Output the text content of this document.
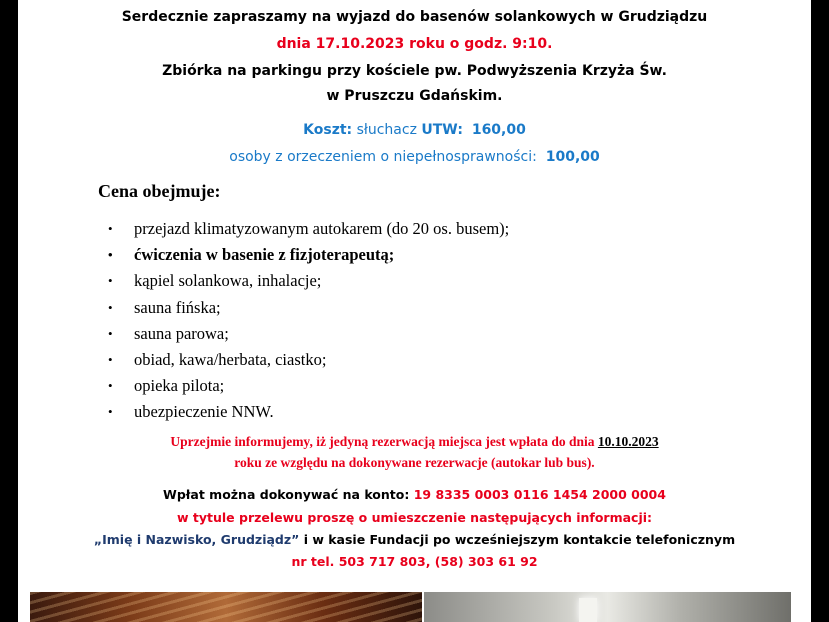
Serdecznie zapraszamy na wyjazd do basenów solankowych w Grudziądzu
dnia 17.10.2023 roku o godz. 9:10.
Zbiórka na parkingu przy kościele pw. Podwyższenia Krzyża Św.
w Pruszczu Gdańskim.
Koszt: słuchacz UTW: 160,00
osoby z orzeczeniem o niepełnosprawności: 100,00
Cena obejmuje:
• przejazd klimatyzowanym autokarem (do 20 os. busem);
• ćwiczenia w basenie z fizjoterapeutą;
• kąpiel solankowa, inhalacje;
• sauna fińska;
• sauna parowa;
• obiad, kawa/herbata, ciastko;
• opieka pilota;
• ubezpieczenie NNW.
Uprzejmie informujemy, iż jedyną rezerwacją miejsca jest wpłata do dnia 10.10.2023
roku ze względu na dokonywane rezerwacje (autokar lub bus).
Wpłat można dokonywać na konto: 19 8335 0003 0116 1454 2000 0004
w tytule przelewu proszę o umieszczenie następujących informacji:
„Imię i Nazwisko, Grudziądz” i w kasie Fundacji po wcześniejszym kontakcie telefonicznym
nr tel. 503 717 803, (58) 303 61 92
